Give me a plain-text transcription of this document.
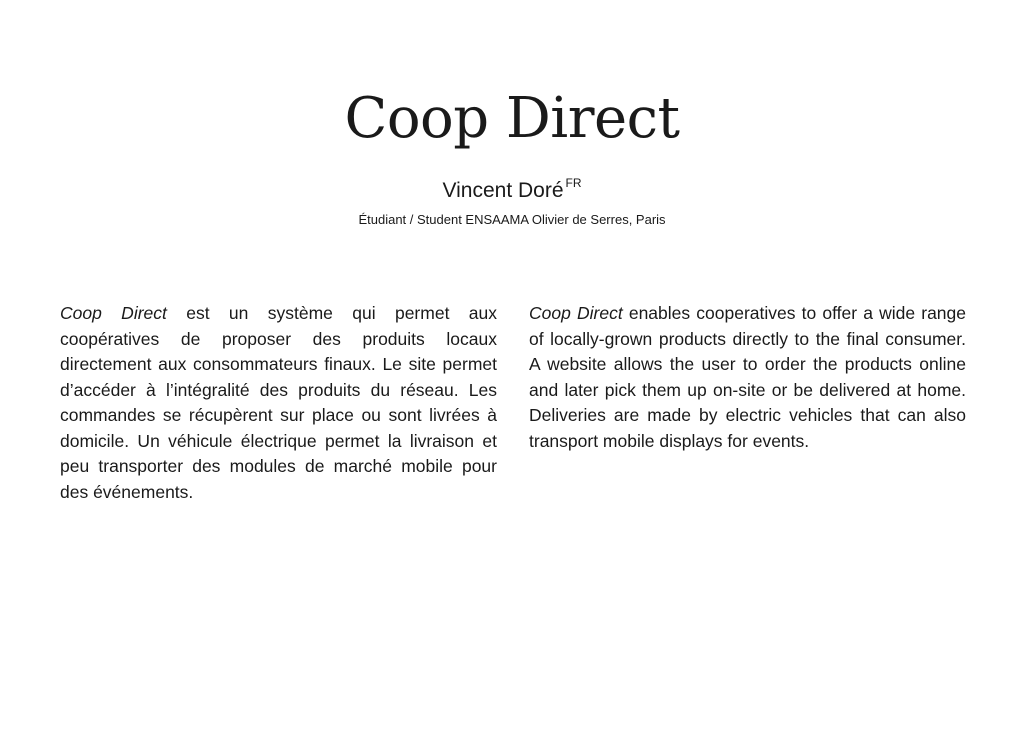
Coop Direct
Vincent Doré $^{FR}$
Étudiant / Student ENSAAMA Olivier de Serres, Paris

Coop Direct est un système qui permet aux coopératives de proposer des produits locaux directement aux consommateurs finaux. Le site permet d’accéder à l’intégralité des produits du réseau. Les commandes se récupèrent sur place ou sont livrées à domicile. Un véhicule électrique permet la livraison et peu transporter des modules de marché mobile pour des événements.

Coop Direct enables cooperatives to offer a wide range of locally-grown products directly to the final consumer. A website allows the user to order the products online and later pick them up on-site or be delivered at home. Deliveries are made by electric vehicles that can also transport mobile displays for events.
